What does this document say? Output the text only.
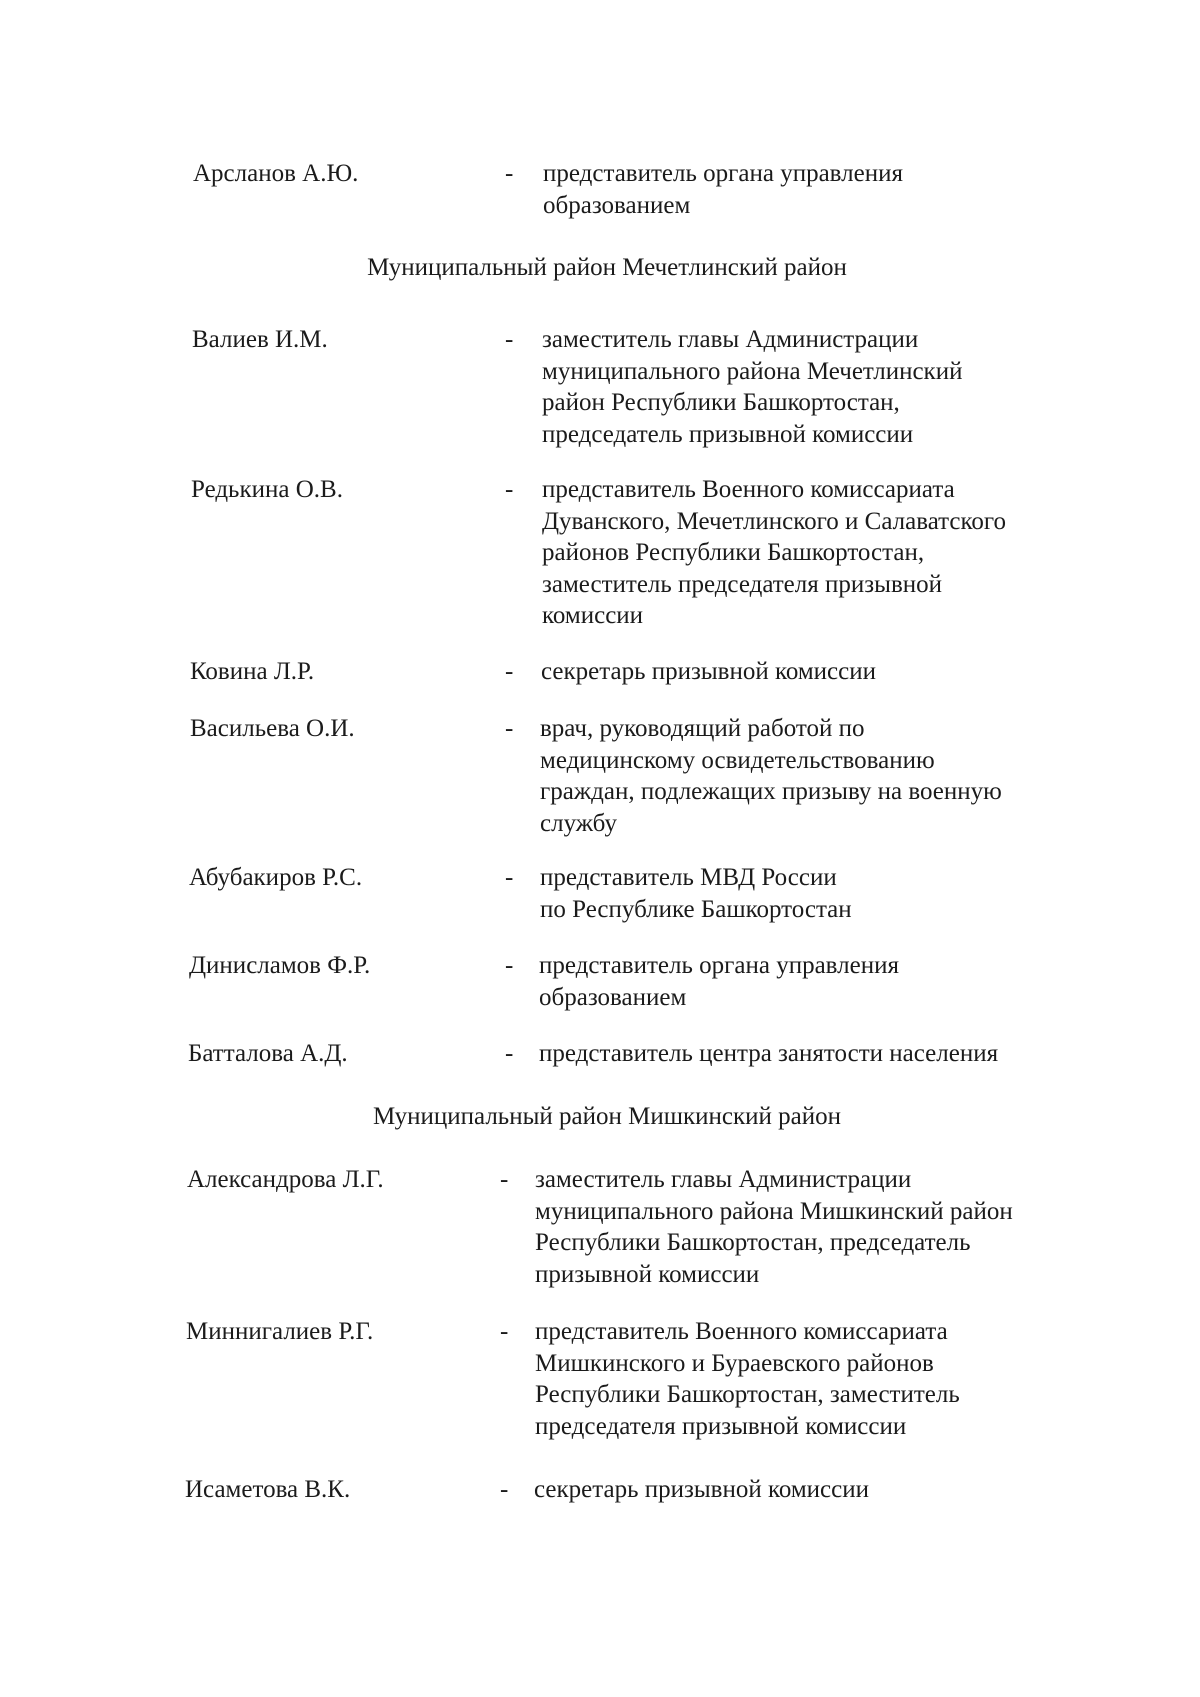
Арсланов А.Ю.	- представитель органа управления
образованием
Муниципальный район Мечетлинский район
Валиев И.М.	- заместитель главы Администрации
муниципального района Мечетлинский
район Республики Башкортостан,
председатель призывной комиссии
Редькина О.В.	- представитель Военного комиссариата
Дуванского, Мечетлинского и Салаватского
районов Республики Башкортостан,
заместитель председателя призывной
комиссии
Ковина Л.Р.	- секретарь призывной комиссии
Васильева О.И.	- врач, руководящий работой по
медицинскому освидетельствованию
граждан, подлежащих призыву на военную
службу
Абубакиров Р.С.	- представитель МВД России
по Республике Башкортостан
Динисламов Ф.Р.	- представитель органа управления
образованием
Батталова А.Д.	- представитель центра занятости населения
Муниципальный район Мишкинский район
Александрова Л.Г.	- заместитель главы Администрации
муниципального района Мишкинский район
Республики Башкортостан, председатель
призывной комиссии
Миннигалиев Р.Г.	- представитель Военного комиссариата
Мишкинского и Бураевского районов
Республики Башкортостан, заместитель
председателя призывной комиссии
Исаметова В.К.	- секретарь призывной комиссии
